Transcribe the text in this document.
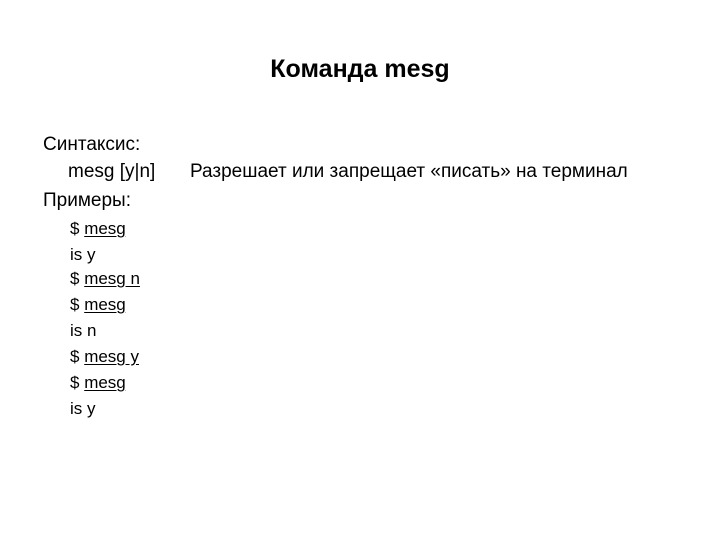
Команда mesg
Синтаксис:
mesg [y|n] Разрешает или запрещает «писать» на терминал
Примеры:
$ mesg
is y
$ mesg n
$ mesg
is n
$ mesg y
$ mesg
is y
